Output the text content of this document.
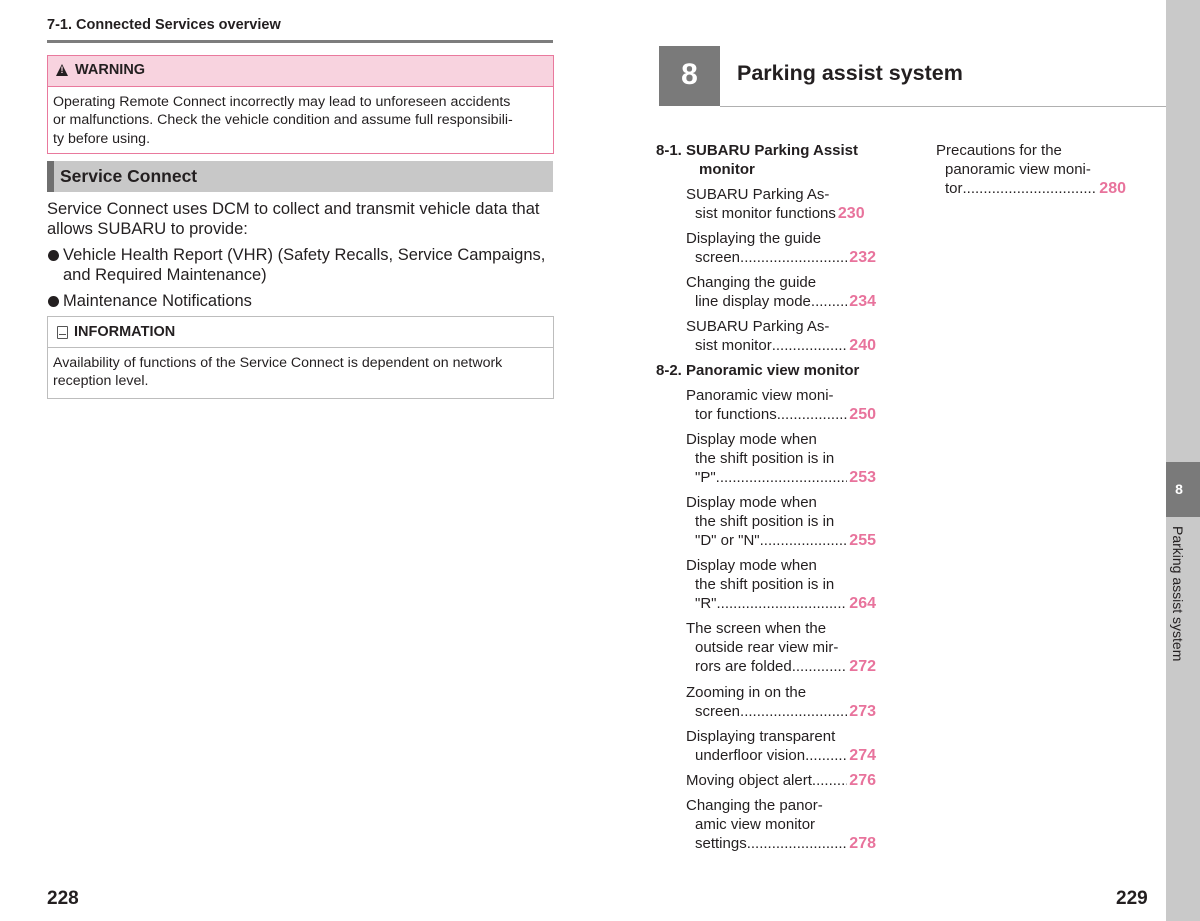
7-1. Connected Services overview
!
WARNING
Operating Remote Connect incorrectly may lead to unforeseen accidents
or malfunctions. Check the vehicle condition and assume full responsibili-
ty before using.
Service Connect
Service Connect uses DCM to collect and transmit vehicle data that
allows SUBARU to provide:
Vehicle Health Report (VHR) (Safety Recalls, Service Campaigns,
and Required Maintenance)
Maintenance Notifications
INFORMATION
Availability of functions of the Service Connect is dependent on network
reception level.
228
8	Parking assist system
8-1. SUBARU Parking Assist
monitor
SUBARU Parking As-
sist monitor functions 230
Displaying the guide
screen .....	232
Changing the guide
line display mode ..... 234
SUBARU Parking As-
sist monitor .....	240
8-2. Panoramic view monitor
Panoramic view moni-
tor functions .....	250
Display mode when
the shift position is in
"P" .....	253
Display mode when
the shift position is in
"D" or "N" .....	255
Display mode when
the shift position is in
"R" .....	264
The screen when the
outside rear view mir-
rors are folded .....	272
Zooming in on the
screen .....	273
Displaying transparent
underfloor vision .....	274
Moving object alert ..... 276
Changing the panor-
amic view monitor
settings .....	278
Precautions for the
panoramic view moni-
tor .....	280
8
Parking assist system
229
